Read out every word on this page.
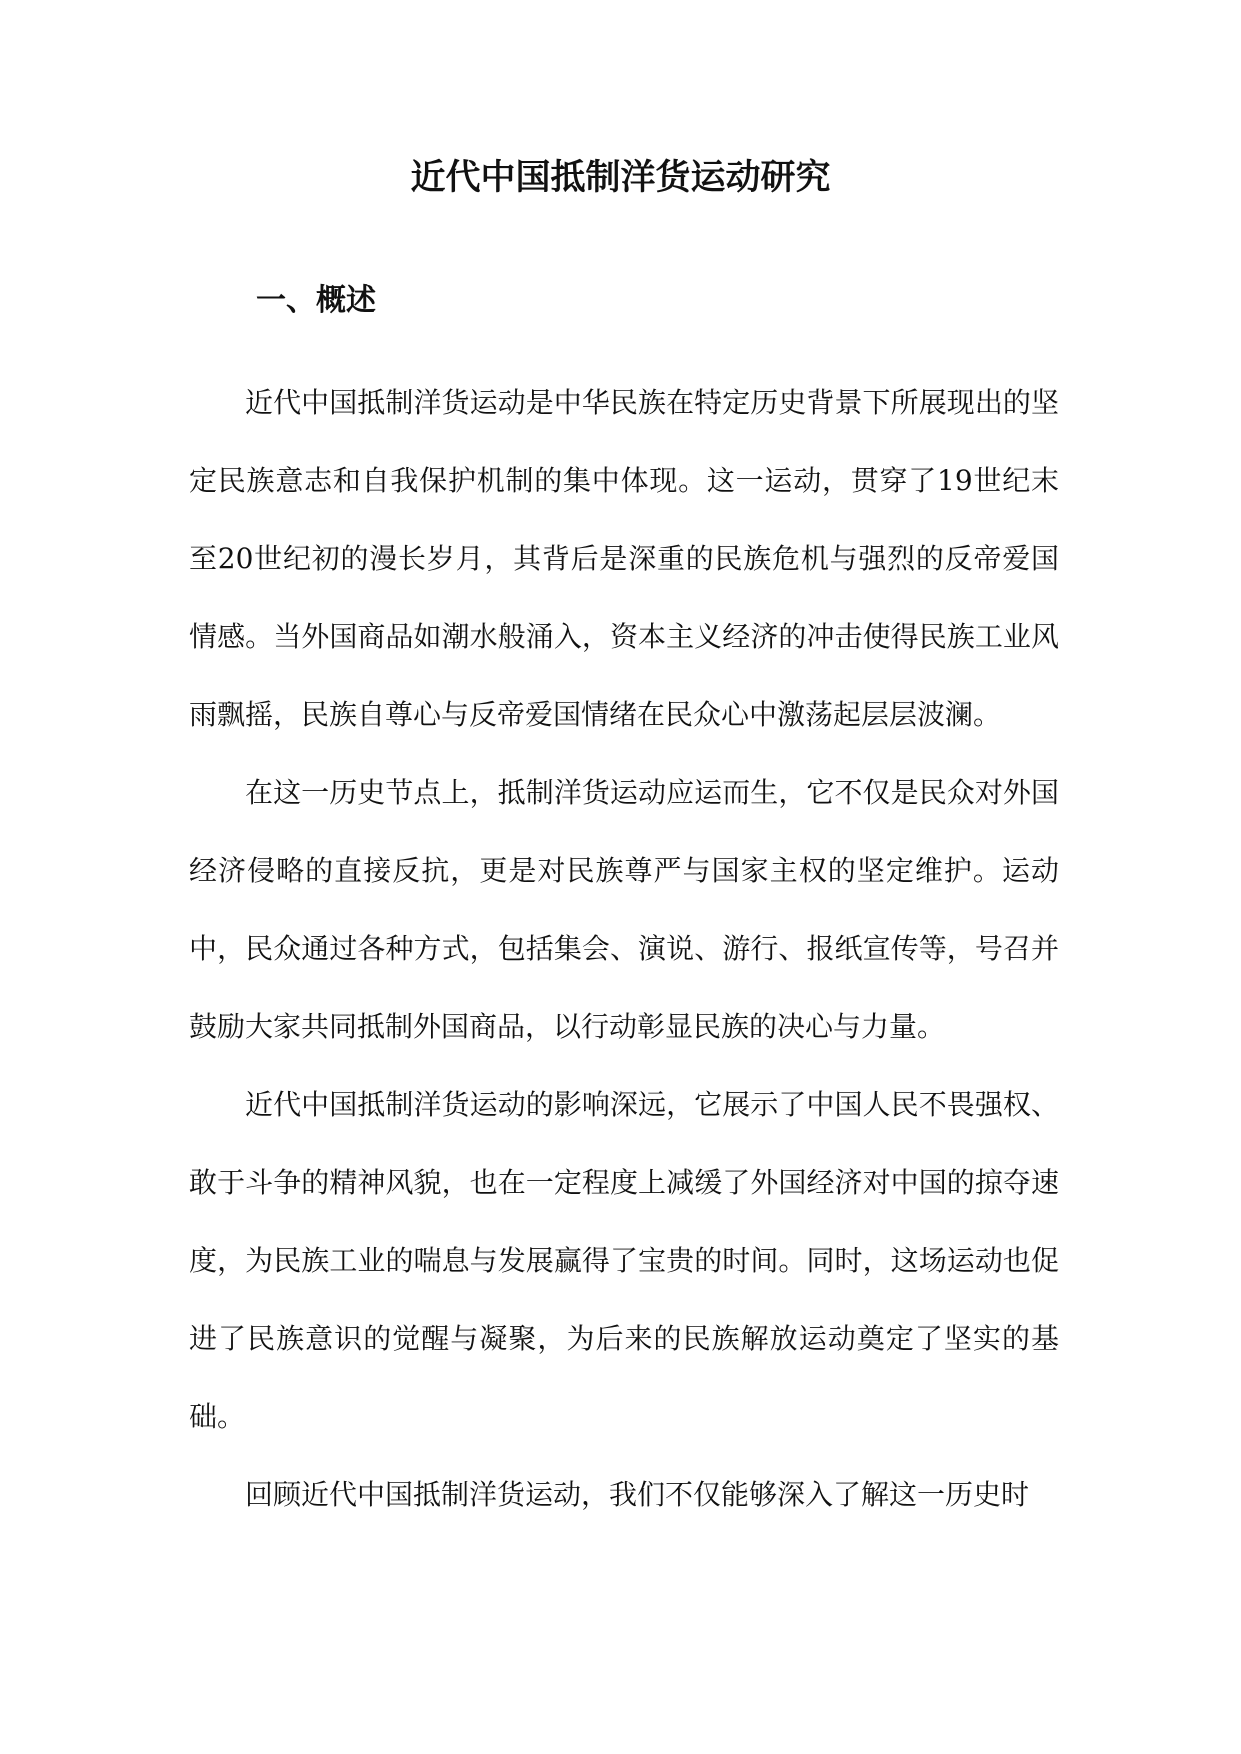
近代中国抵制洋货运动研究
一、概述

近代中国抵制洋货运动是中华民族在特定历史背景下所展现出的坚定民族意志和自我保护机制的集中体现。这一运动，贯穿了19世纪末至20世纪初的漫长岁月，其背后是深重的民族危机与强烈的反帝爱国情感。当外国商品如潮水般涌入，资本主义经济的冲击使得民族工业风雨飘摇，民族自尊心与反帝爱国情绪在民众心中激荡起层层波澜。

在这一历史节点上，抵制洋货运动应运而生，它不仅是民众对外国经济侵略的直接反抗，更是对民族尊严与国家主权的坚定维护。运动中，民众通过各种方式，包括集会、演说、游行、报纸宣传等，号召并鼓励大家共同抵制外国商品，以行动彰显民族的决心与力量。

近代中国抵制洋货运动的影响深远，它展示了中国人民不畏强权、敢于斗争的精神风貌，也在一定程度上减缓了外国经济对中国的掠夺速度，为民族工业的喘息与发展赢得了宝贵的时间。同时，这场运动也促进了民族意识的觉醒与凝聚，为后来的民族解放运动奠定了坚实的基础。

回顾近代中国抵制洋货运动，我们不仅能够深入了解这一历史时
